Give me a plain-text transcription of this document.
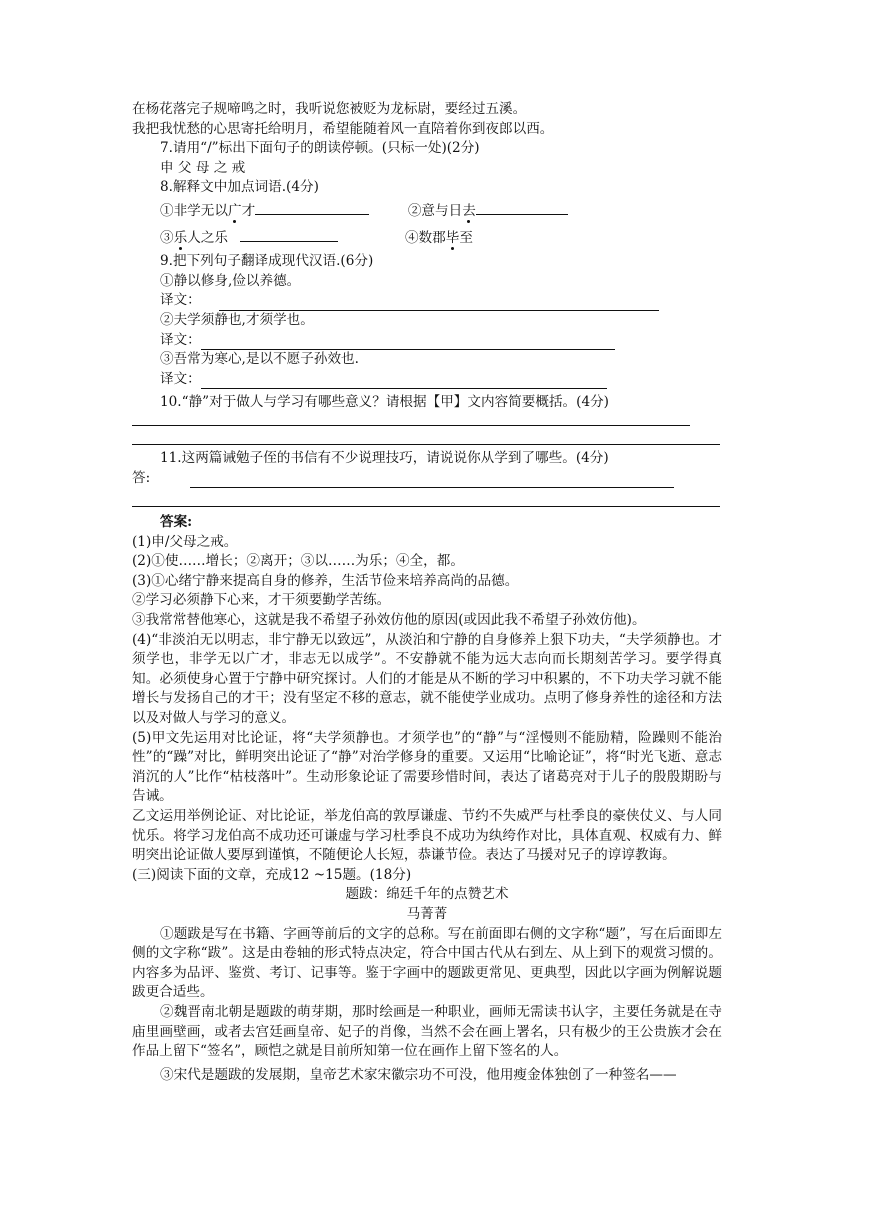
在杨花落完子规啼鸣之时，我听说您被贬为龙标尉，要经过五溪。

我把我忧愁的心思寄托给明月，希望能随着风一直陪着你到夜郎以西。

7.请用“/”标出下面句子的朗读停顿。(只标一处)(2分)

申 父 母 之 戒

8.解释文中加点词语.(4分)

①非学无以广才	②意与日去
③乐人之乐	④数郡毕至

9.把下列句子翻译成现代汉语.(6分)

①静以修身,俭以养德。

译文：

②夫学须静也,才须学也。

译文：

③吾常为寒心,是以不愿子孙效也.

译文：

10.“静”对于做人与学习有哪些意义？请根据【甲】文内容简要概括。(4分)

11.这两篇诫勉子侄的书信有不少说理技巧，请说说你从学到了哪些。(4分)

答:

答案:

(1)申/父母之戒。

(2)①使……增长；②离开；③以……为乐；④全，都。

(3)①心绪宁静来提高自身的修养，生活节俭来培养高尚的品德。

②学习必须静下心来，才干须要勤学苦练。

③我常常替他寒心，这就是我不希望子孙效仿他的原因(或因此我不希望子孙效仿他)。

(4)“非淡泊无以明志，非宁静无以致远”，从淡泊和宁静的自身修养上狠下功夫，“夫学须静也。才须学也，非学无以广才，非志无以成学”。不安静就不能为远大志向而长期刻苦学习。要学得真知。必须使身心置于宁静中研究探讨。人们的才能是从不断的学习中积累的，不下功夫学习就不能增长与发扬自己的才干；没有坚定不移的意志，就不能使学业成功。点明了修身养性的途径和方法以及对做人与学习的意义。

(5)甲文先运用对比论证，将“夫学须静也。才须学也”的“静”与“淫慢则不能励精，险躁则不能治性”的“躁”对比，鲜明突出论证了“静”对治学修身的重要。又运用“比喻论证”，将“时光飞逝、意志消沉的人”比作“枯枝落叶”。生动形象论证了需要珍惜时间，表达了诸葛亮对于儿子的殷殷期盼与告诫。

乙文运用举例论证、对比论证，举龙伯高的敦厚谦虚、节约不失威严与杜季良的豪侠仗义、与人同忧乐。将学习龙伯高不成功还可谦虚与学习杜季良不成功为纨绔作对比，具体直观、权威有力、鲜明突出论证做人要厚到谨慎，不随便论人长短，恭谦节俭。表达了马援对兄子的谆谆教诲。

(三)阅读下面的文章，充成12 ~15题。(18分)

题跋：绵廷千年的点赞艺术

马菁菁

①题跋是写在书籍、字画等前后的文字的总称。写在前面即右侧的文字称“题”，写在后面即左侧的文字称“跋”。这是由卷轴的形式特点决定，符合中国古代从右到左、从上到下的观赏习惯的。内容多为品评、鉴赏、考订、记事等。鉴于字画中的题跋更常见、更典型，因此以字画为例解说题跋更合适些。

②魏晋南北朝是题跋的萌芽期，那时绘画是一种职业，画师无需读书认字，主要任务就是在寺庙里画壁画，或者去宫廷画皇帝、妃子的肖像，当然不会在画上署名，只有极少的王公贵族才会在作品上留下“签名”，顾恺之就是目前所知第一位在画作上留下签名的人。

③宋代是题跋的发展期，皇帝艺术家宋徽宗功不可没，他用瘦金体独创了一种签名——
